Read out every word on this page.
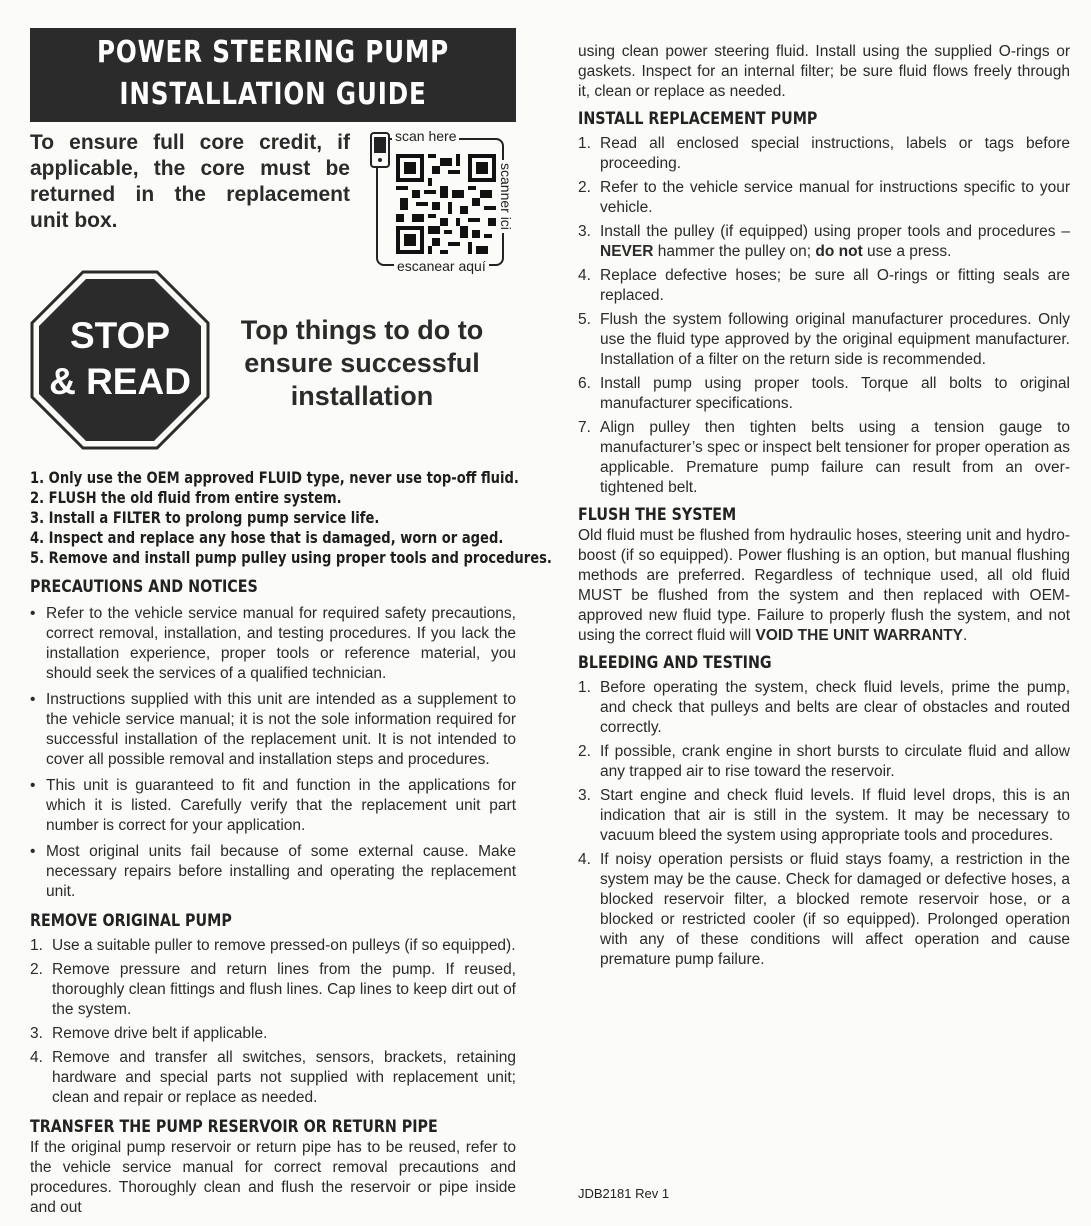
POWER STEERING PUMP
INSTALLATION GUIDE
To ensure full core credit, if applicable, the core must be returned in the replacement unit box.
scan here
scanner ici
escanear aquí
STOP
& READ
Top things to do to ensure successful installation
1. Only use the OEM approved FLUID type, never use top-off fluid.
2. FLUSH the old fluid from entire system.
3. Install a FILTER to prolong pump service life.
4. Inspect and replace any hose that is damaged, worn or aged.
5. Remove and install pump pulley using proper tools and procedures.
PRECAUTIONS AND NOTICES
• Refer to the vehicle service manual for required safety precautions, correct removal, installation, and testing procedures. If you lack the installation experience, proper tools or reference material, you should seek the services of a qualified technician.
• Instructions supplied with this unit are intended as a supplement to the vehicle service manual; it is not the sole information required for successful installation of the replacement unit. It is not intended to cover all possible removal and installation steps and procedures.
• This unit is guaranteed to fit and function in the applications for which it is listed. Carefully verify that the replacement unit part number is correct for your application.
• Most original units fail because of some external cause. Make necessary repairs before installing and operating the replacement unit.
REMOVE ORIGINAL PUMP
1. Use a suitable puller to remove pressed-on pulleys (if so equipped).
2. Remove pressure and return lines from the pump. If reused, thoroughly clean fittings and flush lines. Cap lines to keep dirt out of the system.
3. Remove drive belt if applicable.
4. Remove and transfer all switches, sensors, brackets, retaining hardware and special parts not supplied with replacement unit; clean and repair or replace as needed.
TRANSFER THE PUMP RESERVOIR OR RETURN PIPE
If the original pump reservoir or return pipe has to be reused, refer to the vehicle service manual for correct removal precautions and procedures. Thoroughly clean and flush the reservoir or pipe inside and out
using clean power steering fluid. Install using the supplied O-rings or gaskets. Inspect for an internal filter; be sure fluid flows freely through it, clean or replace as needed.
INSTALL REPLACEMENT PUMP
1. Read all enclosed special instructions, labels or tags before proceeding.
2. Refer to the vehicle service manual for instructions specific to your vehicle.
3. Install the pulley (if equipped) using proper tools and procedures – NEVER hammer the pulley on; do not use a press.
4. Replace defective hoses; be sure all O-rings or fitting seals are replaced.
5. Flush the system following original manufacturer procedures. Only use the fluid type approved by the original equipment manufacturer. Installation of a filter on the return side is recommended.
6. Install pump using proper tools. Torque all bolts to original manufacturer specifications.
7. Align pulley then tighten belts using a tension gauge to manufacturer’s spec or inspect belt tensioner for proper operation as applicable. Premature pump failure can result from an over-tightened belt.
FLUSH THE SYSTEM
Old fluid must be flushed from hydraulic hoses, steering unit and hydro-boost (if so equipped). Power flushing is an option, but manual flushing methods are preferred. Regardless of technique used, all old fluid MUST be flushed from the system and then replaced with OEM-approved new fluid type. Failure to properly flush the system, and not using the correct fluid will VOID THE UNIT WARRANTY.
BLEEDING AND TESTING
1. Before operating the system, check fluid levels, prime the pump, and check that pulleys and belts are clear of obstacles and routed correctly.
2. If possible, crank engine in short bursts to circulate fluid and allow any trapped air to rise toward the reservoir.
3. Start engine and check fluid levels. If fluid level drops, this is an indication that air is still in the system. It may be necessary to vacuum bleed the system using appropriate tools and procedures.
4. If noisy operation persists or fluid stays foamy, a restriction in the system may be the cause. Check for damaged or defective hoses, a blocked reservoir filter, a blocked remote reservoir hose, or a blocked or restricted cooler (if so equipped). Prolonged operation with any of these conditions will affect operation and cause premature pump failure.
JDB2181 Rev 1
